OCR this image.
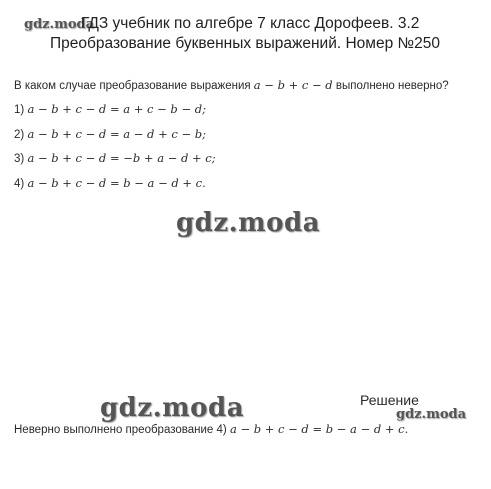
gdz.moda
ГДЗ учебник по алгебре 7 класс Дорофеев. 3.2
Преобразование буквенных выражений. Номер №250
В каком случае преобразование выражения a − b + c − d выполнено неверно?
1) a − b + c − d = a + c − b − d;
2) a − b + c − d = a − d + c − b;
3) a − b + c − d = −b + a − d + c;
4) a − b + c − d = b − a − d + c.
gdz.moda
gdz.moda	gdz.moda
Решение
Неверно выполнено преобразование 4) a − b + c − d = b − a − d + c.
